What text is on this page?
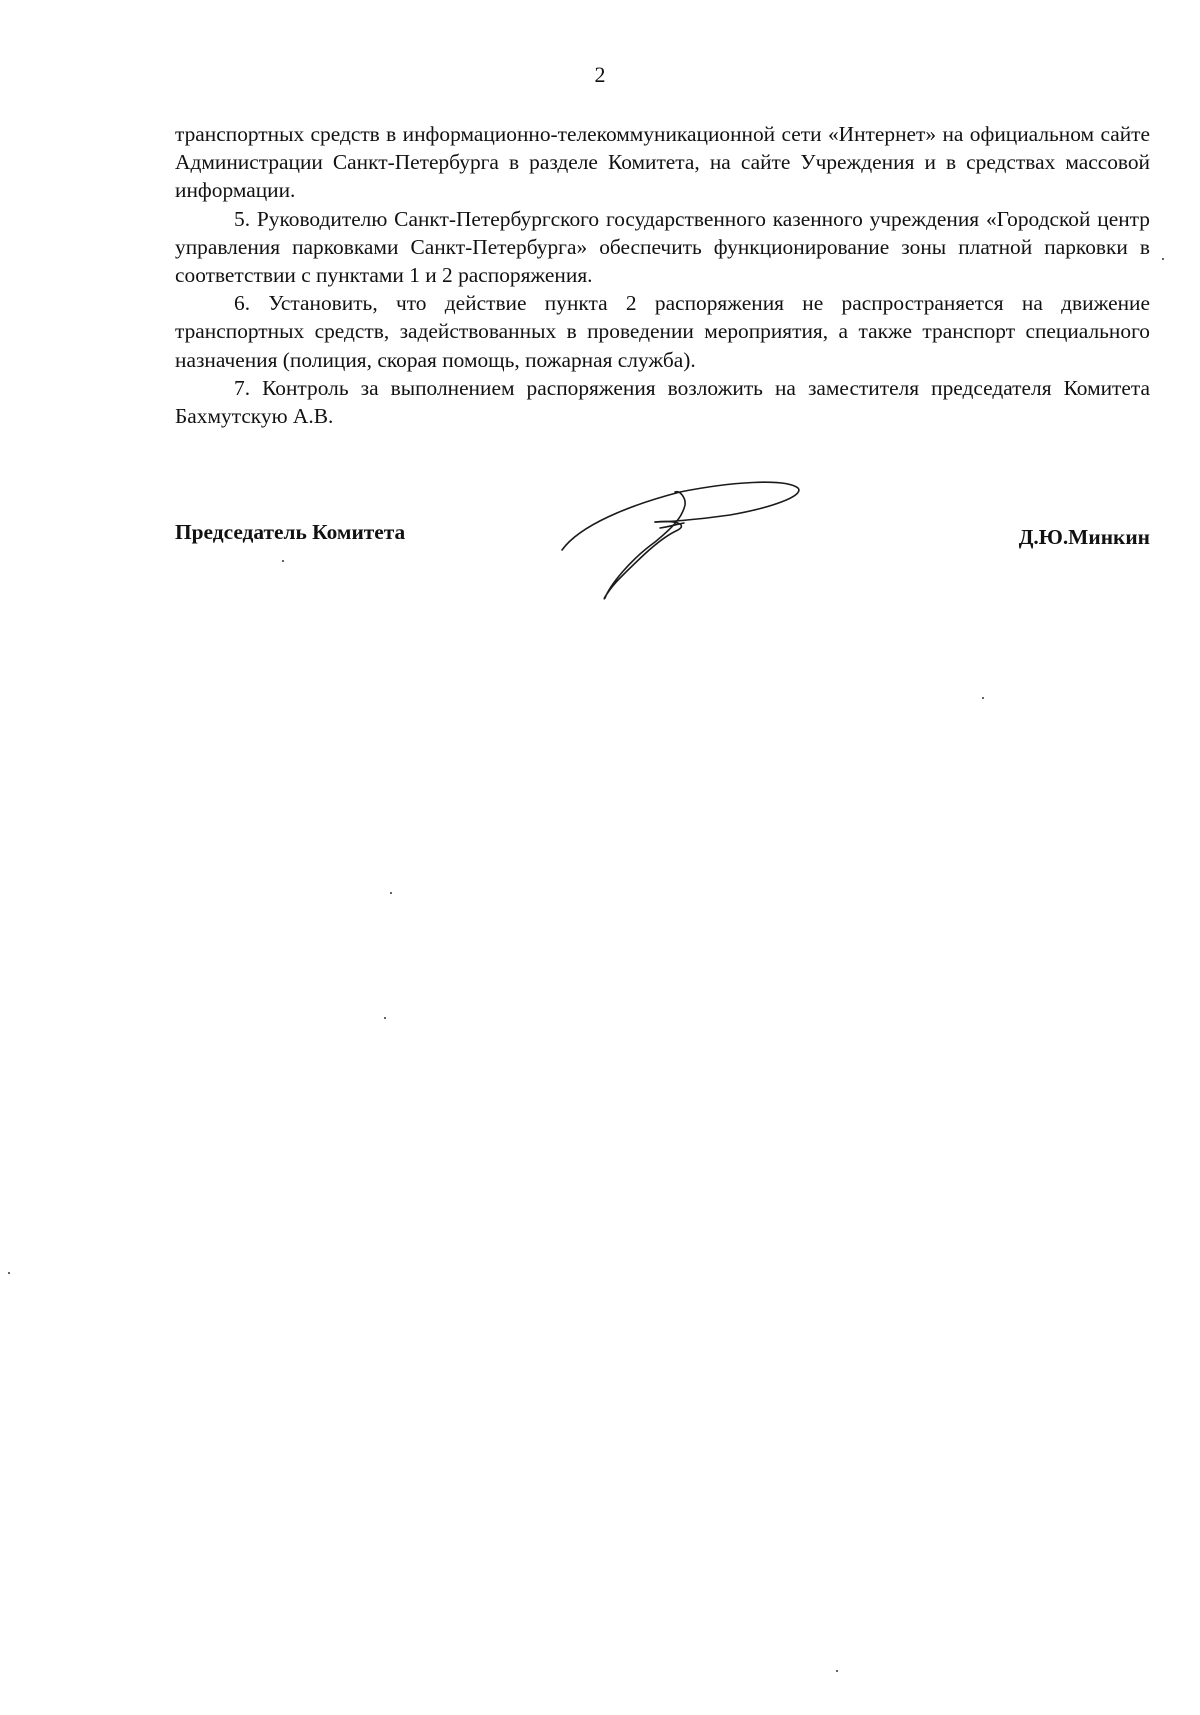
2

транспортных средств в информационно-телекоммуникационной сети «Интернет» на официальном сайте Администрации Санкт-Петербурга в разделе Комитета, на сайте Учреждения и в средствах массовой информации.

5. Руководителю Санкт-Петербургского государственного казенного учреждения «Городской центр управления парковками Санкт-Петербурга» обеспечить функционирование зоны платной парковки в соответствии с пунктами 1 и 2 распоряжения.

6. Установить, что действие пункта 2 распоряжения не распространяется на движение транспортных средств, задействованных в проведении мероприятия, а также транспорт специального назначения (полиция, скорая помощь, пожарная служба).

7. Контроль за выполнением распоряжения возложить на заместителя председателя Комитета Бахмутскую А.В.

Председатель Комитета	Д.Ю.Минкин
